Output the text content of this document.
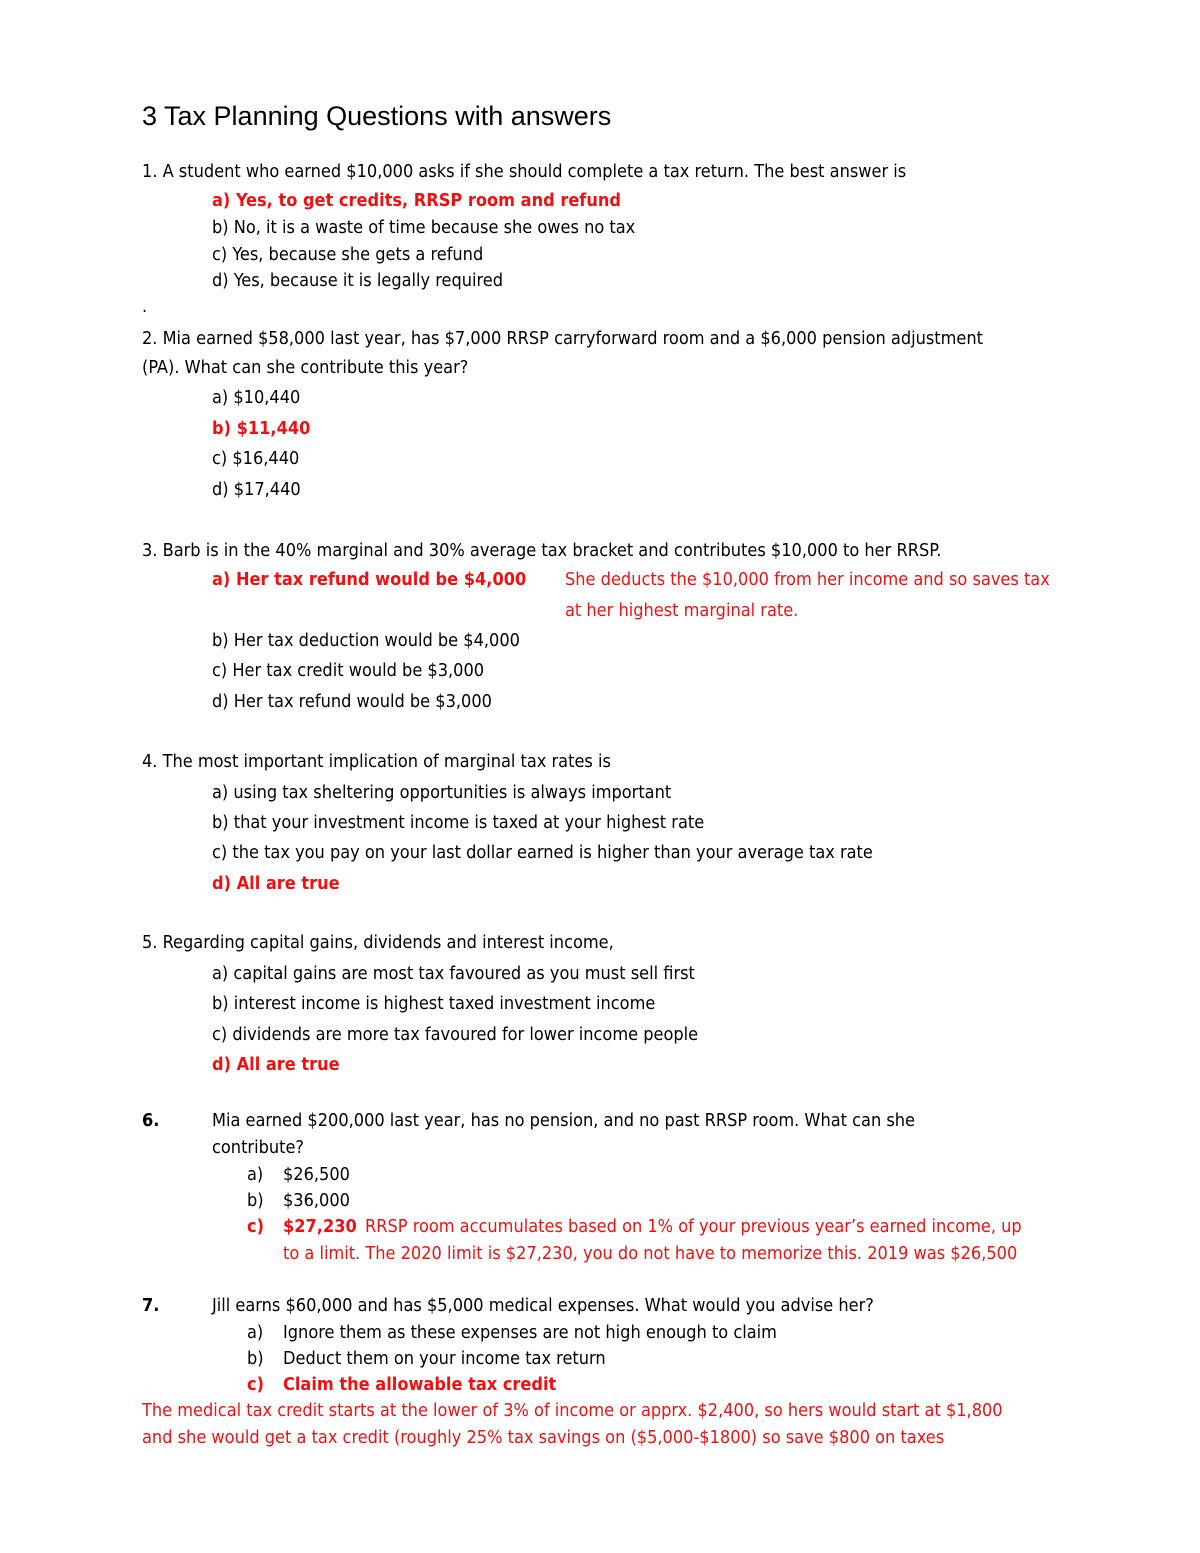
3 Tax Planning Questions with answers
1. A student who earned $10,000 asks if she should complete a tax return. The best answer is
a) Yes, to get credits, RRSP room and refund
b) No, it is a waste of time because she owes no tax
c) Yes, because she gets a refund
d) Yes, because it is legally required
.
2. Mia earned $58,000 last year, has $7,000 RRSP carryforward room and a $6,000 pension adjustment
(PA). What can she contribute this year?
a) $10,440
b) $11,440
c) $16,440
d) $17,440
3. Barb is in the 40% marginal and 30% average tax bracket and contributes $10,000 to her RRSP.
a) Her tax refund would be $4,000 She deducts the $10,000 from her income and so saves tax
at her highest marginal rate.
b) Her tax deduction would be $4,000
c) Her tax credit would be $3,000
d) Her tax refund would be $3,000
4. The most important implication of marginal tax rates is
a) using tax sheltering opportunities is always important
b) that your investment income is taxed at your highest rate
c) the tax you pay on your last dollar earned is higher than your average tax rate
d) All are true
5. Regarding capital gains, dividends and interest income,
a) capital gains are most tax favoured as you must sell first
b) interest income is highest taxed investment income
c) dividends are more tax favoured for lower income people
d) All are true
6.	Mia earned $200,000 last year, has no pension, and no past RRSP room. What can she
contribute?
a) $26,500
b) $36,000
c) $27,230 RRSP room accumulates based on 1% of your previous year’s earned income, up
to a limit. The 2020 limit is $27,230, you do not have to memorize this. 2019 was $26,500
7.	Jill earns $60,000 and has $5,000 medical expenses. What would you advise her?
a) Ignore them as these expenses are not high enough to claim
b) Deduct them on your income tax return
c) Claim the allowable tax credit
The medical tax credit starts at the lower of 3% of income or apprx. $2,400, so hers would start at $1,800
and she would get a tax credit (roughly 25% tax savings on ($5,000-$1800) so save $800 on taxes
